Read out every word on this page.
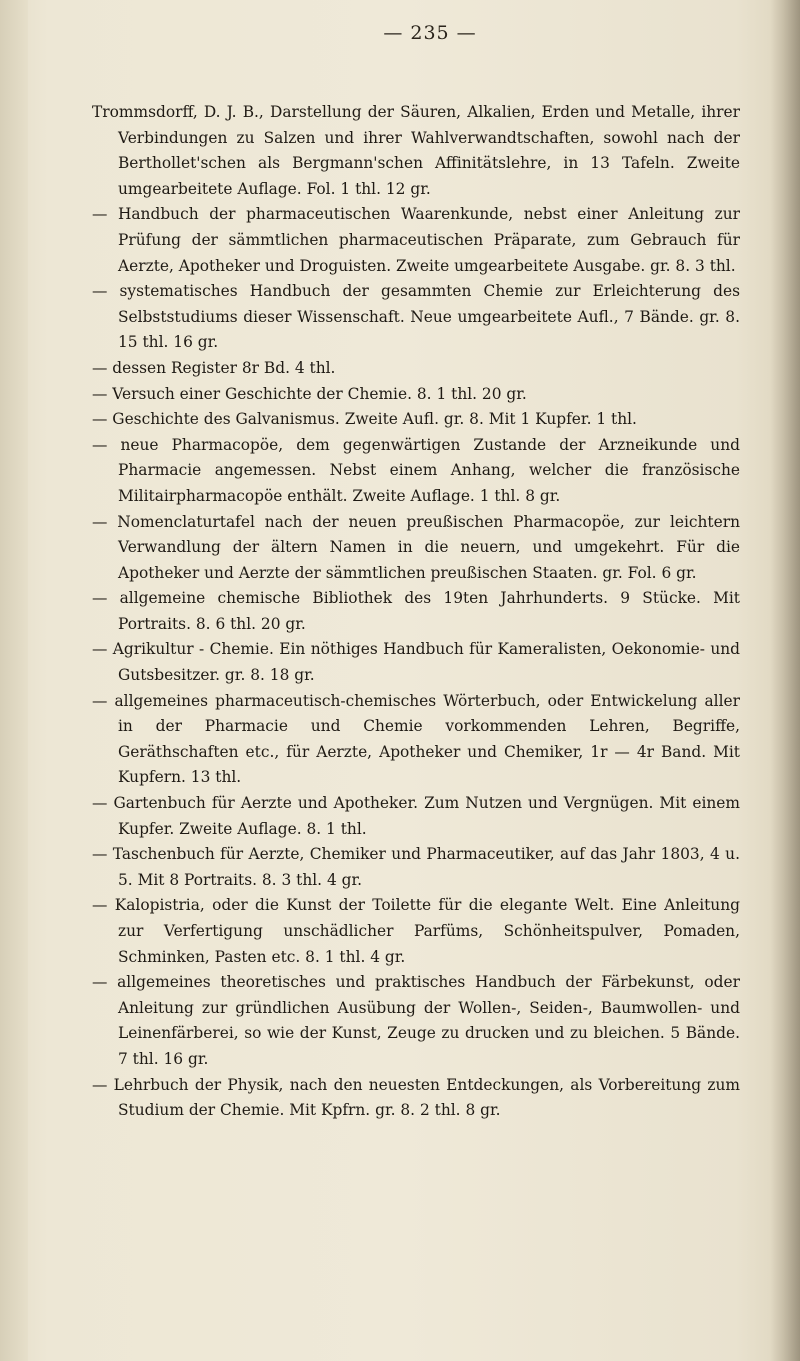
— 235 —

Trommsdorff, D. J. B., Darstellung der Säuren, Alkalien, Erden und Metalle, ihrer Verbindungen zu Salzen und ihrer Wahlverwandtschaften, sowohl nach der Berthollet'schen als Bergmann'schen Affinitätslehre, in 13 Tafeln. Zweite umgearbeitete Auflage. Fol. 1 thl. 12 gr.

— Handbuch der pharmaceutischen Waarenkunde, nebst einer Anleitung zur Prüfung der sämmtlichen pharmaceutischen Präparate, zum Gebrauch für Aerzte, Apotheker und Droguisten. Zweite umgearbeitete Ausgabe. gr. 8. 3 thl.

— systematisches Handbuch der gesammten Chemie zur Erleichterung des Selbststudiums dieser Wissenschaft. Neue umgearbeitete Aufl., 7 Bände. gr. 8. 15 thl. 16 gr.

— dessen Register 8r Bd. 4 thl.

— Versuch einer Geschichte der Chemie. 8. 1 thl. 20 gr.

— Geschichte des Galvanismus. Zweite Aufl. gr. 8. Mit 1 Kupfer. 1 thl.

— neue Pharmacopöe, dem gegenwärtigen Zustande der Arzneikunde und Pharmacie angemessen. Nebst einem Anhang, welcher die französische Militairpharmacopöe enthält. Zweite Auflage. 1 thl. 8 gr.

— Nomenclaturtafel nach der neuen preußischen Pharmacopöe, zur leichtern Verwandlung der ältern Namen in die neuern, und umgekehrt. Für die Apotheker und Aerzte der sämmtlichen preußischen Staaten. gr. Fol. 6 gr.

— allgemeine chemische Bibliothek des 19ten Jahrhunderts. 9 Stücke. Mit Portraits. 8. 6 thl. 20 gr.

— Agrikultur - Chemie. Ein nöthiges Handbuch für Kameralisten, Oekonomie- und Gutsbesitzer. gr. 8. 18 gr.

— allgemeines pharmaceutisch-chemisches Wörterbuch, oder Entwickelung aller in der Pharmacie und Chemie vorkommenden Lehren, Begriffe, Geräthschaften etc., für Aerzte, Apotheker und Chemiker, 1r — 4r Band. Mit Kupfern. 13 thl.

— Gartenbuch für Aerzte und Apotheker. Zum Nutzen und Vergnügen. Mit einem Kupfer. Zweite Auflage. 8. 1 thl.

— Taschenbuch für Aerzte, Chemiker und Pharmaceutiker, auf das Jahr 1803, 4 u. 5. Mit 8 Portraits. 8. 3 thl. 4 gr.

— Kalopistria, oder die Kunst der Toilette für die elegante Welt. Eine Anleitung zur Verfertigung unschädlicher Parfüms, Schönheitspulver, Pomaden, Schminken, Pasten etc. 8. 1 thl. 4 gr.

— allgemeines theoretisches und praktisches Handbuch der Färbekunst, oder Anleitung zur gründlichen Ausübung der Wollen-, Seiden-, Baumwollen- und Leinenfärberei, so wie der Kunst, Zeuge zu drucken und zu bleichen. 5 Bände. 7 thl. 16 gr.

— Lehrbuch der Physik, nach den neuesten Entdeckungen, als Vorbereitung zum Studium der Chemie. Mit Kpfrn. gr. 8. 2 thl. 8 gr.
